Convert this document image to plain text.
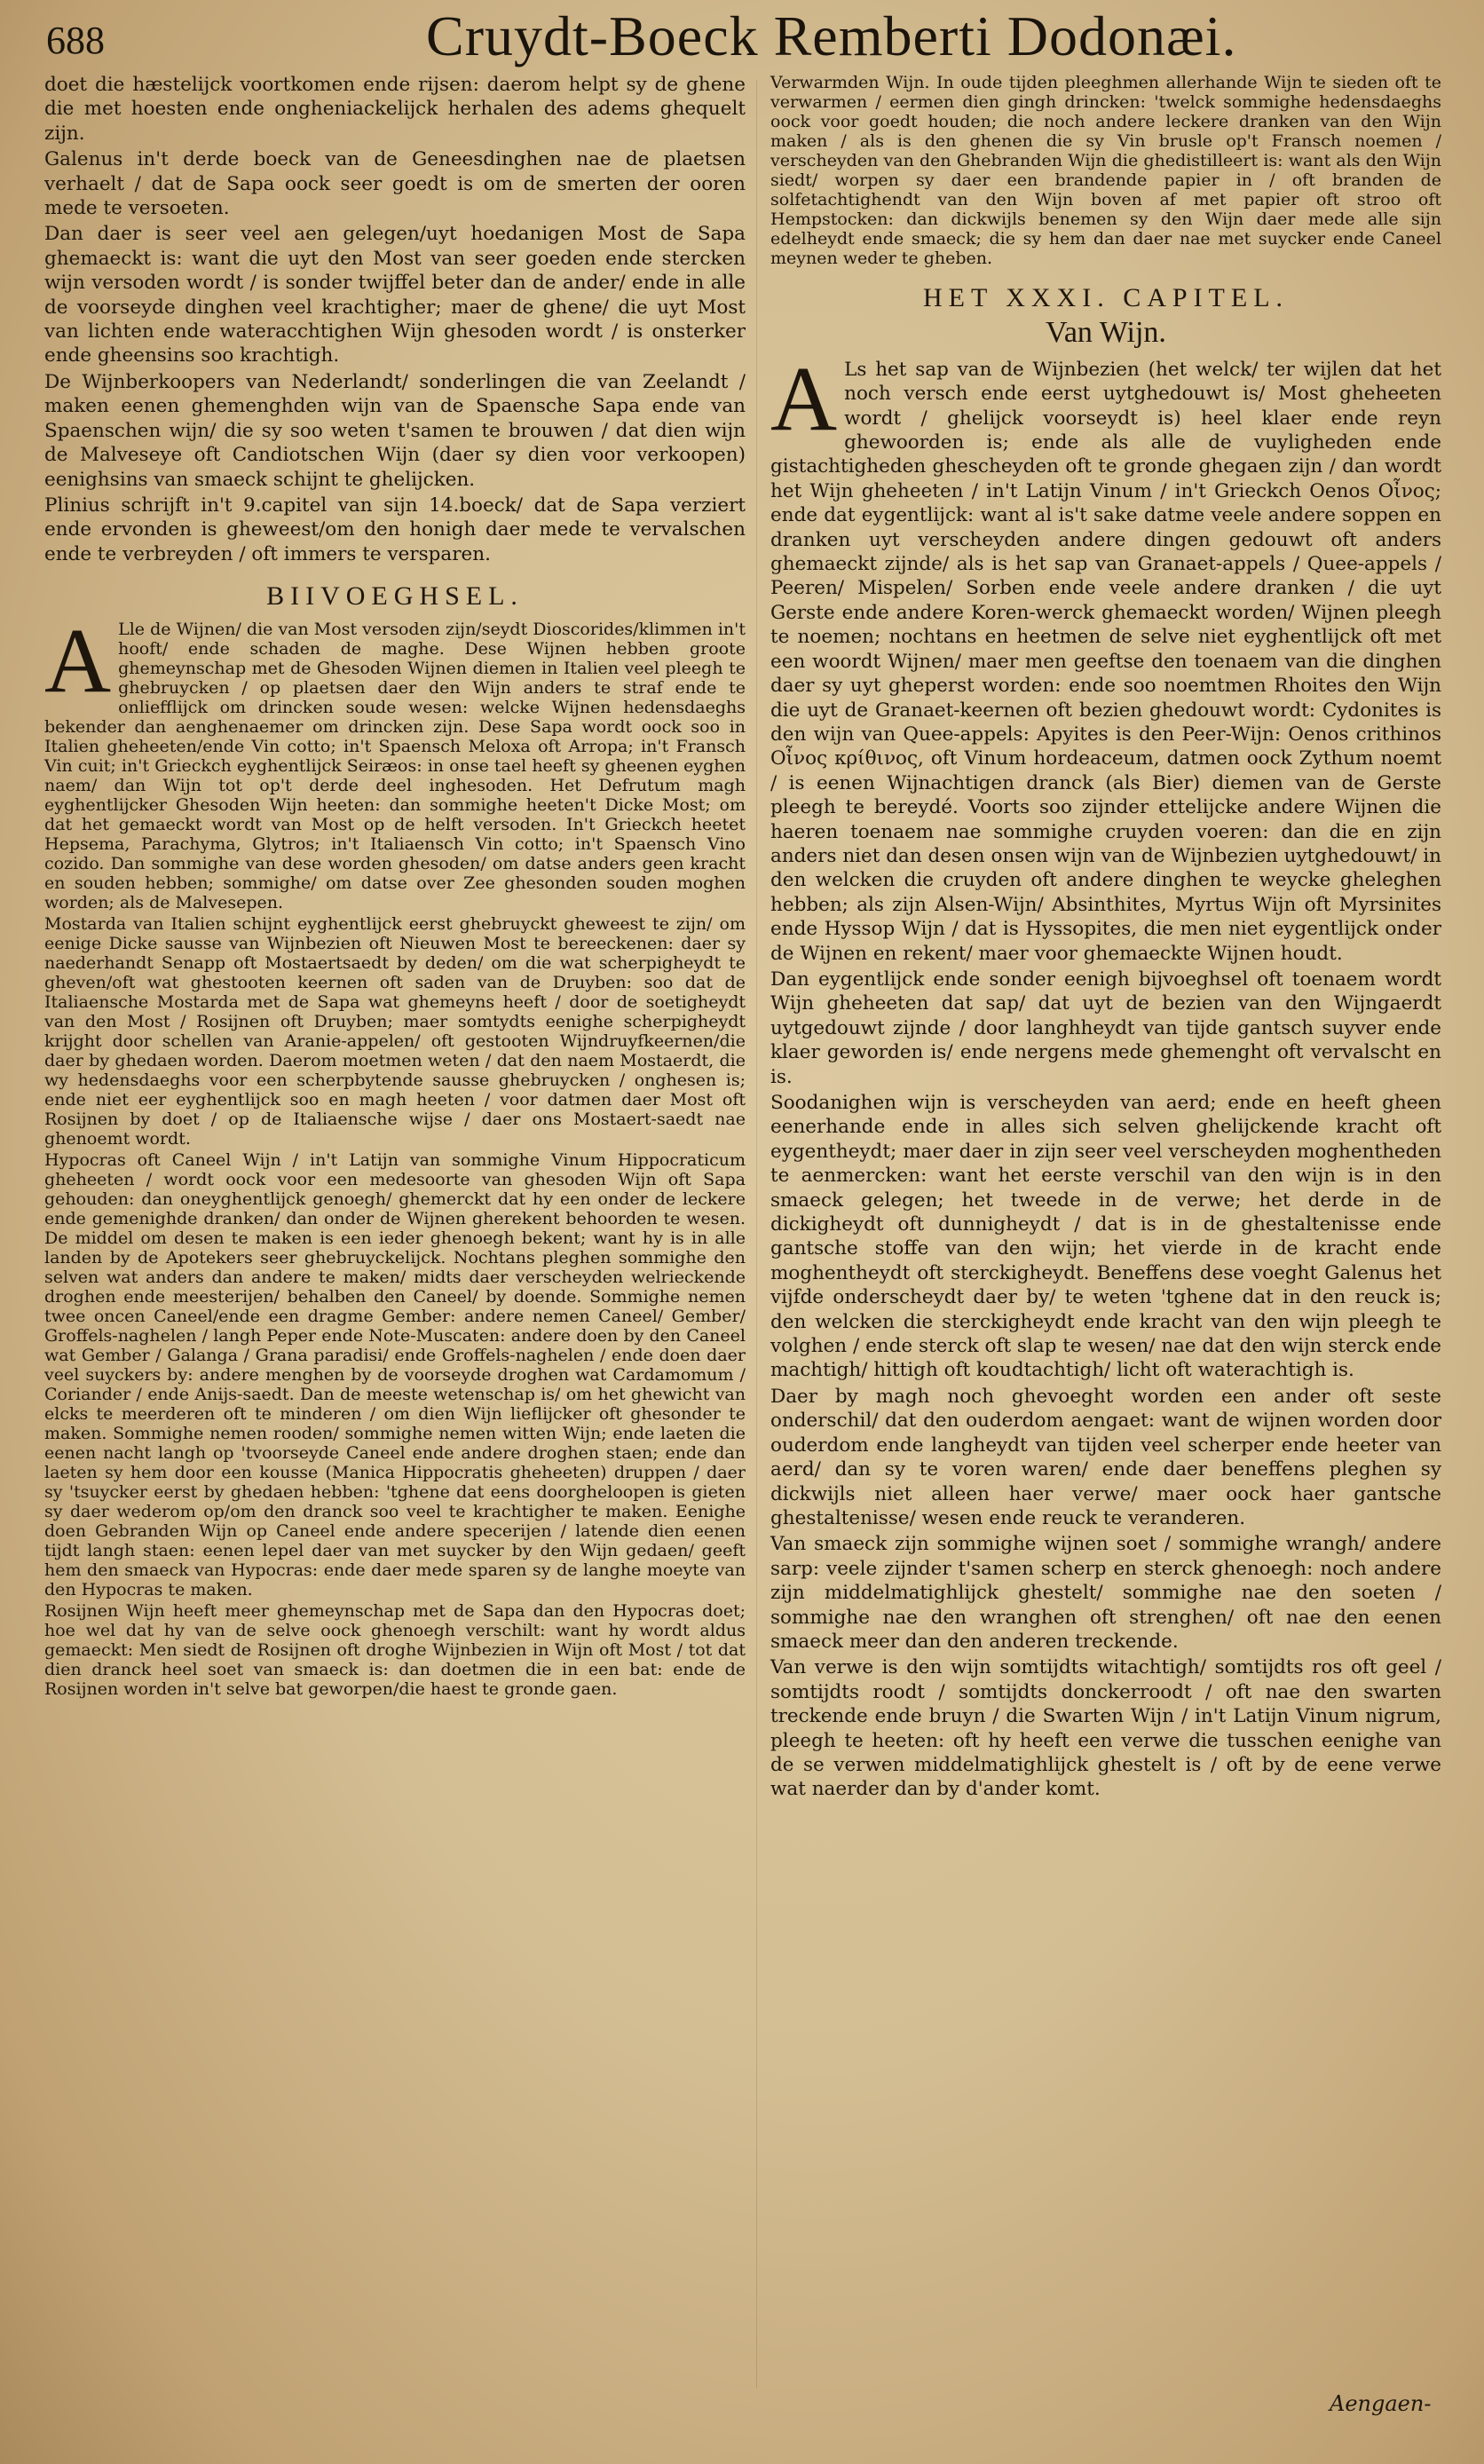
688	Cruydt-Boeck Remberti Dodonæi.

doet die hæstelijck voortkomen ende rijsen: daerom helpt sy de ghene die met hoesten ende ongheniackelijck herhalen des adems ghequelt zijn.

Galenus in't derde boeck van de Geneesdinghen nae de plaetsen verhaelt / dat de Sapa oock seer goedt is om de smerten der ooren mede te versoeten.

Dan daer is seer veel aen gelegen/uyt hoedanigen Most de Sapa ghemaeckt is: want die uyt den Most van seer goeden ende stercken wijn versoden wordt / is sonder twijffel beter dan de ander/ ende in alle de voorseyde dinghen veel krachtigher; maer de ghene/ die uyt Most van lichten ende wateracchtighen Wijn ghesoden wordt / is onsterker ende gheensins soo krachtigh.

De Wijnberkoopers van Nederlandt/ sonderlingen die van Zeelandt / maken eenen ghemenghden wijn van de Spaensche Sapa ende van Spaenschen wijn/ die sy soo weten t'samen te brouwen / dat dien wijn de Malveseye oft Candiotschen Wijn (daer sy dien voor verkoopen) eenighsins van smaeck schijnt te ghelijcken.

Plinius schrijft in't 9.capitel van sijn 14.boeck/ dat de Sapa verziert ende ervonden is gheweest/om den honigh daer mede te vervalschen ende te verbreyden / oft immers te versparen.

BIIVOEGHSEL.

A Lle de Wijnen/ die van Most versoden zijn/seydt Dioscorides/klimmen in't hooft/ ende schaden de maghe. Dese Wijnen hebben groote ghemeynschap met de Ghesoden Wijnen diemen in Italien veel pleegh te ghebruycken / op plaetsen daer den Wijn anders te straf ende te onliefflijck om drincken soude wesen: welcke Wijnen hedensdaeghs bekender dan aenghenaemer om drincken zijn. Dese Sapa wordt oock soo in Italien gheheeten/ende Vin cotto; in't Spaensch Meloxa oft Arropa; in't Fransch Vin cuit; in't Grieckch eyghentlijck Seiræos: in onse tael heeft sy gheenen eyghen naem/ dan Wijn tot op't derde deel inghesoden. Het Defrutum magh eyghentlijcker Ghesoden Wijn heeten: dan sommighe heeten't Dicke Most; om dat het gemaeckt wordt van Most op de helft versoden. In't Grieckch heetet Hepsema, Parachyma, Glytros; in't Italiaensch Vin cotto; in't Spaensch Vino cozido. Dan sommighe van dese worden ghesoden/ om datse anders geen kracht en souden hebben; sommighe/ om datse over Zee ghesonden souden moghen worden; als de Malvesepen.

Mostarda van Italien schijnt eyghentlijck eerst ghebruyckt gheweest te zijn/ om eenige Dicke sausse van Wijnbezien oft Nieuwen Most te bereeckenen: daer sy naederhandt Senapp oft Mostaertsaedt by deden/ om die wat scherpigheydt te gheven/oft wat ghestooten keernen oft saden van de Druyben: soo dat de Italiaensche Mostarda met de Sapa wat ghemeyns heeft / door de soetigheydt van den Most / Rosijnen oft Druyben; maer somtydts eenighe scherpigheydt krijght door schellen van Aranie-appelen/ oft gestooten Wijndruyfkeernen/die daer by ghedaen worden. Daerom moetmen weten / dat den naem Mostaerdt, die wy hedensdaeghs voor een scherpbytende sausse ghebruycken / onghesen is; ende niet eer eyghentlijck soo en magh heeten / voor datmen daer Most oft Rosijnen by doet / op de Italiaensche wijse / daer ons Mostaert-saedt nae ghenoemt wordt.

Hypocras oft Caneel Wijn / in't Latijn van sommighe Vinum Hippocraticum gheheeten / wordt oock voor een medesoorte van ghesoden Wijn oft Sapa gehouden: dan oneyghentlijck genoegh/ ghemerckt dat hy een onder de leckere ende gemenighde dranken/ dan onder de Wijnen gherekent behoorden te wesen. De middel om desen te maken is een ieder ghenoegh bekent; want hy is in alle landen by de Apotekers seer ghebruyckelijck. Nochtans pleghen sommighe den selven wat anders dan andere te maken/ midts daer verscheyden welrieckende droghen ende meesterijen/ behalben den Caneel/ by doende. Sommighe nemen twee oncen Caneel/ende een dragme Gember: andere nemen Caneel/ Gember/ Groffels-naghelen / langh Peper ende Note-Muscaten: andere doen by den Caneel wat Gember / Galanga / Grana paradisi/ ende Groffels-naghelen / ende doen daer veel suyckers by: andere menghen by de voorseyde droghen wat Cardamomum / Coriander / ende Anijs-saedt. Dan de meeste wetenschap is/ om het ghewicht van elcks te meerderen oft te minderen / om dien Wijn lieflijcker oft ghesonder te maken. Sommighe nemen rooden/ sommighe nemen witten Wijn; ende laeten die eenen nacht langh op 'tvoorseyde Caneel ende andere droghen staen; ende dan laeten sy hem door een kousse (Manica Hippocratis gheheeten) druppen / daer sy 'tsuycker eerst by ghedaen hebben: 'tghene dat eens doorgheloopen is gieten sy daer wederom op/om den dranck soo veel te krachtigher te maken. Eenighe doen Gebranden Wijn op Caneel ende andere specerijen / latende dien eenen tijdt langh staen: eenen lepel daer van met suycker by den Wijn gedaen/ geeft hem den smaeck van Hypocras: ende daer mede sparen sy de langhe moeyte van den Hypocras te maken.

Rosijnen Wijn heeft meer ghemeynschap met de Sapa dan den Hypocras doet; hoe wel dat hy van de selve oock ghenoegh verschilt: want hy wordt aldus gemaeckt: Men siedt de Rosijnen oft droghe Wijnbezien in Wijn oft Most / tot dat dien dranck heel soet van smaeck is: dan doetmen die in een bat: ende de Rosijnen worden in't selve bat geworpen/die haest te gronde gaen.

Verwarmden Wijn. In oude tijden pleeghmen allerhande Wijn te sieden oft te verwarmen / eermen dien gingh drincken: 'twelck sommighe hedensdaeghs oock voor goedt houden; die noch andere leckere dranken van den Wijn maken / als is den ghenen die sy Vin brusle op't Fransch noemen / verscheyden van den Ghebranden Wijn die ghedistilleert is: want als den Wijn siedt/ worpen sy daer een brandende papier in / oft branden de solfetachtighendt van den Wijn boven af met papier oft stroo oft Hempstocken: dan dickwijls benemen sy den Wijn daer mede alle sijn edelheydt ende smaeck; die sy hem dan daer nae met suycker ende Caneel meynen weder te gheben.

HET XXXI. CAPITEL.
Van Wijn.

A Ls het sap van de Wijnbezien (het welck/ ter wijlen dat het noch versch ende eerst uytghedouwt is/ Most gheheeten wordt / ghelijck voorseydt is) heel klaer ende reyn ghewoorden is; ende als alle de vuyligheden ende gistachtigheden ghescheyden oft te gronde ghegaen zijn / dan wordt het Wijn gheheeten / in't Latijn Vinum / in't Grieckch Oenos Οἶνος; ende dat eygentlijck: want al is't sake datme veele andere soppen en dranken uyt verscheyden andere dingen gedouwt oft anders ghemaeckt zijnde/ als is het sap van Granaet-appels / Quee-appels / Peeren/ Mispelen/ Sorben ende veele andere dranken / die uyt Gerste ende andere Koren-werck ghemaeckt worden/ Wijnen pleegh te noemen; nochtans en heetmen de selve niet eyghentlijck oft met een woordt Wijnen/ maer men geeftse den toenaem van die dinghen daer sy uyt gheperst worden: ende soo noemtmen Rhoites den Wijn die uyt de Granaet-keernen oft bezien ghedouwt wordt: Cydonites is den wijn van Quee-appels: Apyites is den Peer-Wijn: Oenos crithinos Οἶνος κρίθινος, oft Vinum hordeaceum, datmen oock Zythum noemt / is eenen Wijnachtigen dranck (als Bier) diemen van de Gerste pleegh te bereydé. Voorts soo zijnder ettelijcke andere Wijnen die haeren toenaem nae sommighe cruyden voeren: dan die en zijn anders niet dan desen onsen wijn van de Wijnbezien uytghedouwt/ in den welcken die cruyden oft andere dinghen te weycke gheleghen hebben; als zijn Alsen-Wijn/ Absinthites, Myrtus Wijn oft Myrsinites ende Hyssop Wijn / dat is Hyssopites, die men niet eygentlijck onder de Wijnen en rekent/ maer voor ghemaeckte Wijnen houdt.

Dan eygentlijck ende sonder eenigh bijvoeghsel oft toenaem wordt Wijn gheheeten dat sap/ dat uyt de bezien van den Wijngaerdt uytgedouwt zijnde / door langhheydt van tijde gantsch suyver ende klaer geworden is/ ende nergens mede ghemenght oft vervalscht en is.

Soodanighen wijn is verscheyden van aerd; ende en heeft gheen eenerhande ende in alles sich selven ghelijckende kracht oft eygentheydt; maer daer in zijn seer veel verscheyden moghentheden te aenmercken: want het eerste verschil van den wijn is in den smaeck gelegen; het tweede in de verwe; het derde in de dickigheydt oft dunnigheydt / dat is in de ghestaltenisse ende gantsche stoffe van den wijn; het vierde in de kracht ende moghentheydt oft sterckigheydt. Beneffens dese voeght Galenus het vijfde onderscheydt daer by/ te weten 'tghene dat in den reuck is; den welcken die sterckigheydt ende kracht van den wijn pleegh te volghen / ende sterck oft slap te wesen/ nae dat den wijn sterck ende machtigh/ hittigh oft koudtachtigh/ licht oft waterachtigh is.

Daer by magh noch ghevoeght worden een ander oft seste onderschil/ dat den ouderdom aengaet: want de wijnen worden door ouderdom ende langheydt van tijden veel scherper ende heeter van aerd/ dan sy te voren waren/ ende daer beneffens pleghen sy dickwijls niet alleen haer verwe/ maer oock haer gantsche ghestaltenisse/ wesen ende reuck te veranderen.

Van smaeck zijn sommighe wijnen soet / sommighe wrangh/ andere sarp: veele zijnder t'samen scherp en sterck ghenoegh: noch andere zijn middelmatighlijck ghestelt/ sommighe nae den soeten / sommighe nae den wranghen oft strenghen/ oft nae den eenen smaeck meer dan den anderen treckende.

Van verwe is den wijn somtijdts witachtigh/ somtijdts ros oft geel / somtijdts roodt / somtijdts donckerroodt / oft nae den swarten treckende ende bruyn / die Swarten Wijn / in't Latijn Vinum nigrum, pleegh te heeten: oft hy heeft een verwe die tusschen eenighe van de se verwen middelmatighlijck ghestelt is / oft by de eene verwe wat naerder dan by d'ander komt.

Aengaen-
